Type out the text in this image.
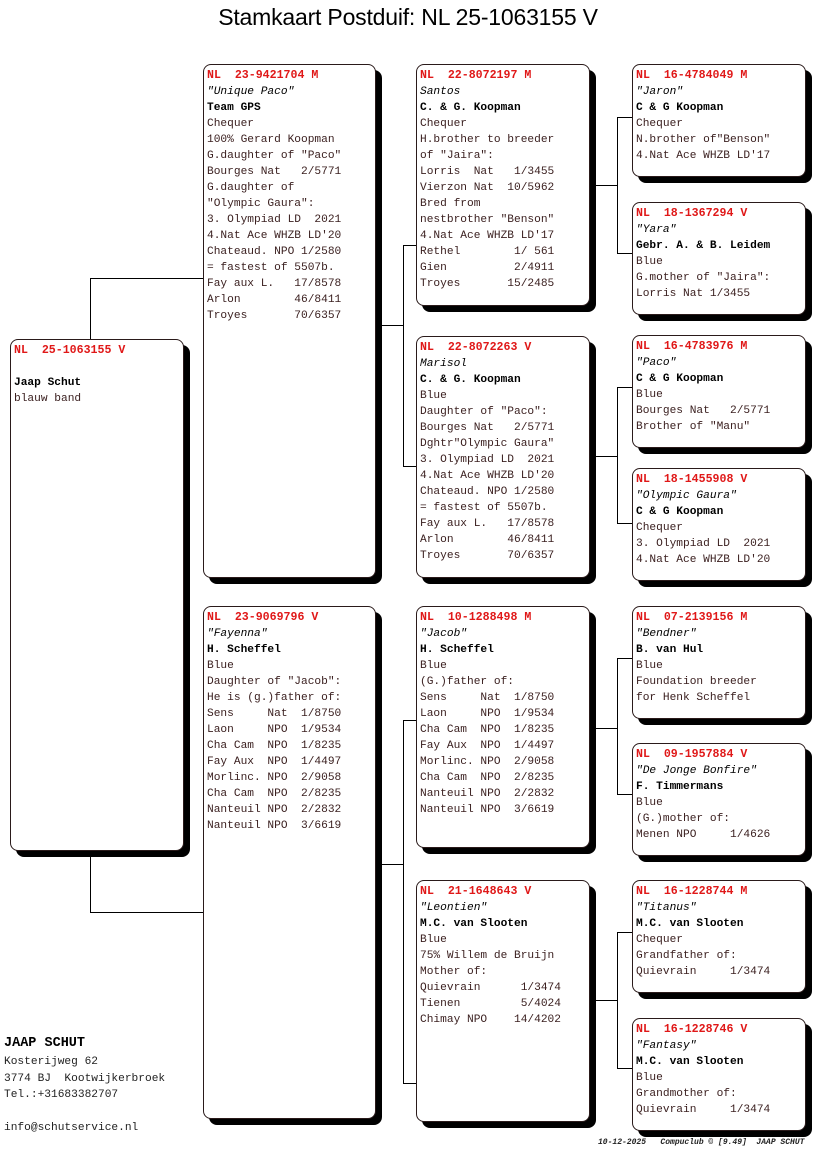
Stamkaart Postduif: NL 25-1063155 V
NL  25-1063155 V
Jaap Schut
blauw band
NL  23-9421704 M
"Unique Paco"
Team GPS
Chequer
100% Gerard Koopman
G.daughter of "Paco"
Bourges Nat   2/5771
G.daughter of
"Olympic Gaura":
3. Olympiad LD  2021
4.Nat Ace WHZB LD'20
Chateaud. NPO 1/2580
= fastest of 5507b.
Fay aux L.   17/8578
Arlon        46/8411
Troyes       70/6357
NL  23-9069796 V
"Fayenna"
H. Scheffel
Blue
Daughter of "Jacob":
He is (g.)father of:
Sens     Nat  1/8750
Laon     NPO  1/9534
Cha Cam  NPO  1/8235
Fay Aux  NPO  1/4497
Morlinc. NPO  2/9058
Cha Cam  NPO  2/8235
Nanteuil NPO  2/2832
Nanteuil NPO  3/6619
NL  22-8072197 M
Santos
C. & G. Koopman
Chequer
H.brother to breeder
of "Jaira":
Lorris  Nat   1/3455
Vierzon Nat  10/5962
Bred from
nestbrother "Benson"
4.Nat Ace WHZB LD'17
Rethel        1/ 561
Gien          2/4911
Troyes       15/2485
NL  22-8072263 V
Marisol
C. & G. Koopman
Blue
Daughter of "Paco":
Bourges Nat   2/5771
Dghtr"Olympic Gaura"
3. Olympiad LD  2021
4.Nat Ace WHZB LD'20
Chateaud. NPO 1/2580
= fastest of 5507b.
Fay aux L.   17/8578
Arlon        46/8411
Troyes       70/6357
NL  10-1288498 M
"Jacob"
H. Scheffel
Blue
(G.)father of:
Sens     Nat  1/8750
Laon     NPO  1/9534
Cha Cam  NPO  1/8235
Fay Aux  NPO  1/4497
Morlinc. NPO  2/9058
Cha Cam  NPO  2/8235
Nanteuil NPO  2/2832
Nanteuil NPO  3/6619
NL  21-1648643 V
"Leontien"
M.C. van Slooten
Blue
75% Willem de Bruijn
Mother of:
Quievrain      1/3474
Tienen         5/4024
Chimay NPO    14/4202
NL  16-4784049 M
"Jaron"
C & G Koopman
Chequer
N.brother of"Benson"
4.Nat Ace WHZB LD'17
NL  18-1367294 V
"Yara"
Gebr. A. & B. Leidem
Blue
G.mother of "Jaira":
Lorris Nat 1/3455
NL  16-4783976 M
"Paco"
C & G Koopman
Blue
Bourges Nat   2/5771
Brother of "Manu"
NL  18-1455908 V
"Olympic Gaura"
C & G Koopman
Chequer
3. Olympiad LD  2021
4.Nat Ace WHZB LD'20
NL  07-2139156 M
"Bendner"
B. van Hul
Blue
Foundation breeder
for Henk Scheffel
NL  09-1957884 V
"De Jonge Bonfire"
F. Timmermans
Blue
(G.)mother of:
Menen NPO     1/4626
NL  16-1228744 M
"Titanus"
M.C. van Slooten
Chequer
Grandfather of:
Quievrain     1/3474
NL  16-1228746 V
"Fantasy"
M.C. van Slooten
Blue
Grandmother of:
Quievrain     1/3474
JAAP SCHUT
Kosterijweg 62
3774 BJ  Kootwijkerbroek
Tel.:+31683382707
info@schutservice.nl
10-12-2025   Compuclub © [9.49]  JAAP SCHUT
